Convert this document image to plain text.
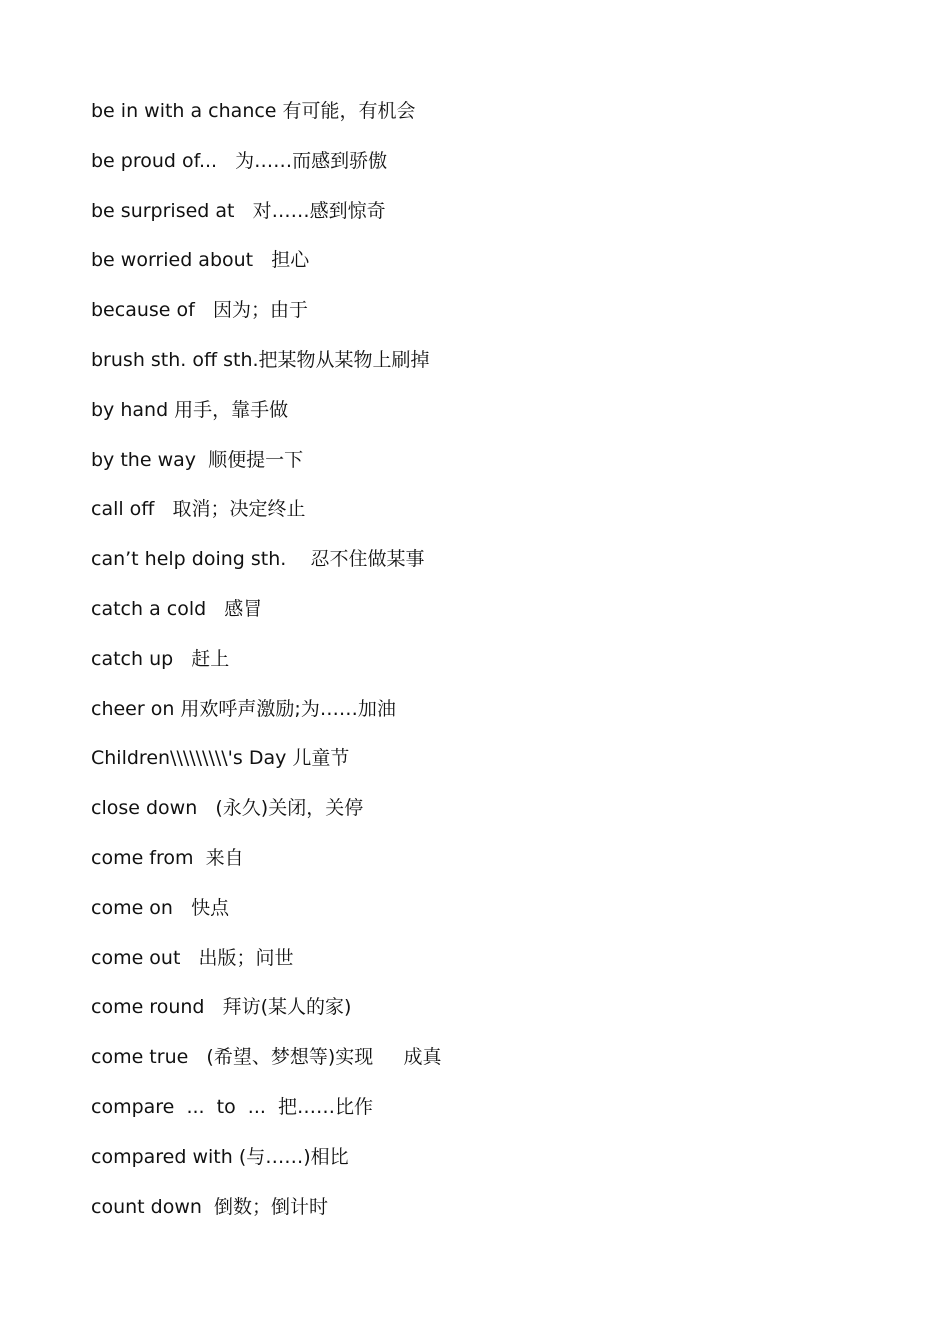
be in with a chance 有可能，有机会
be proud of...   为……而感到骄傲
be surprised at   对……感到惊奇
be worried about   担心
because of   因为；由于
brush sth. off sth.把某物从某物上刷掉
by hand 用手，靠手做
by the way  顺便提一下
call off   取消；决定终止
can’t help doing sth.    忍不住做某事
catch a cold   感冒
catch up   赶上
cheer on 用欢呼声激励;为……加油
Children\\\\\\\\\'s Day 儿童节
close down   (永久)关闭，关停
come from  来自
come on   快点
come out   出版；问世
come round   拜访(某人的家)
come true   (希望、梦想等)实现     成真
compare  ...  to  ...  把……比作
compared with (与……)相比
count down  倒数；倒计时
